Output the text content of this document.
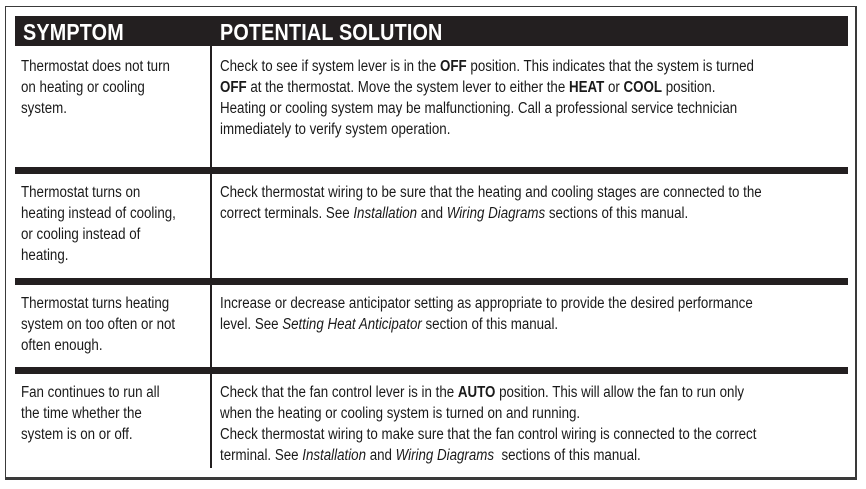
SYMPTOM	POTENTIAL SOLUTION
Thermostat does not turn
on heating or cooling
system.
Check to see if system lever is in the OFF position. This indicates that the system is turned
OFF at the thermostat. Move the system lever to either the HEAT or COOL position.
Heating or cooling system may be malfunctioning. Call a professional service technician
immediately to verify system operation.
Thermostat turns on
heating instead of cooling,
or cooling instead of
heating.
Check thermostat wiring to be sure that the heating and cooling stages are connected to the
correct terminals. See Installation and Wiring Diagrams sections of this manual.
Thermostat turns heating
system on too often or not
often enough.
Increase or decrease anticipator setting as appropriate to provide the desired performance
level. See Setting Heat Anticipator section of this manual.
Fan continues to run all
the time whether the
system is on or off.
Check that the fan control lever is in the AUTO position. This will allow the fan to run only
when the heating or cooling system is turned on and running.
Check thermostat wiring to make sure that the fan control wiring is connected to the correct
terminal. See Installation and Wiring Diagrams  sections of this manual.
